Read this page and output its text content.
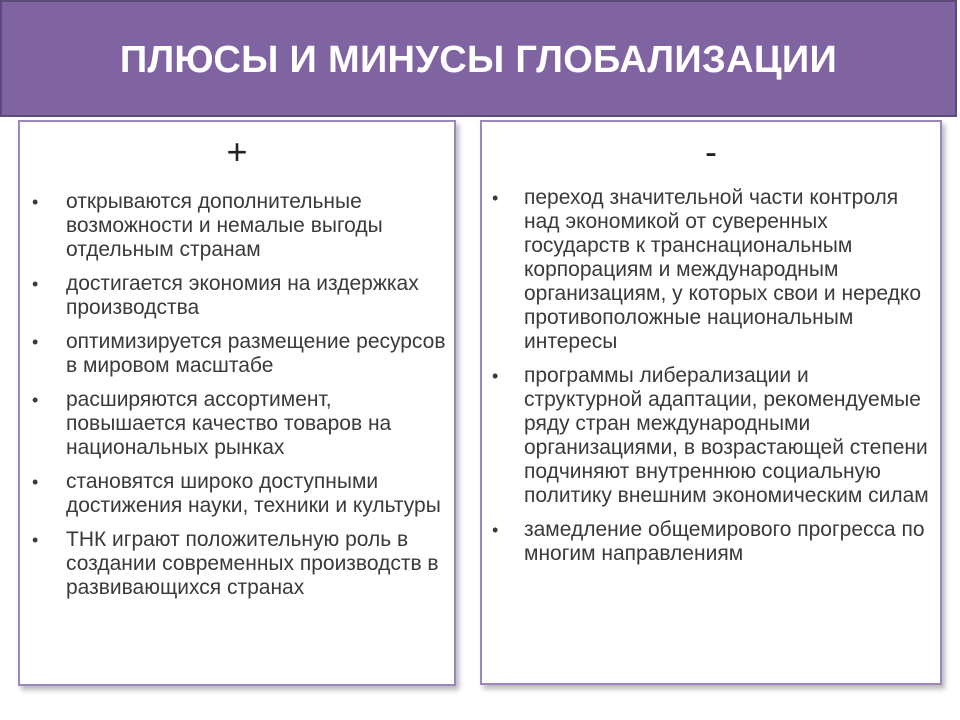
ПЛЮСЫ И МИНУСЫ ГЛОБАЛИЗАЦИИ
+
• открываются дополнительные возможности и немалые выгоды отдельным странам
• достигается экономия на издержках производства
• оптимизируется размещение ресурсов в мировом масштабе
• расширяются ассортимент, повышается качество товаров на национальных рынках
• становятся широко доступными достижения науки, техники и культуры
• ТНК играют положительную роль в создании современных производств в развивающихся странах
-
• переход значительной части контроля над экономикой от суверенных государств к транснациональным корпорациям и международным организациям, у которых свои и нередко противоположные национальным интересы
• программы либерализации и структурной адаптации, рекомендуемые ряду стран международными организациями, в возрастающей степени подчиняют внутреннюю социальную политику внешним экономическим силам
• замедление общемирового прогресса по многим направлениям
